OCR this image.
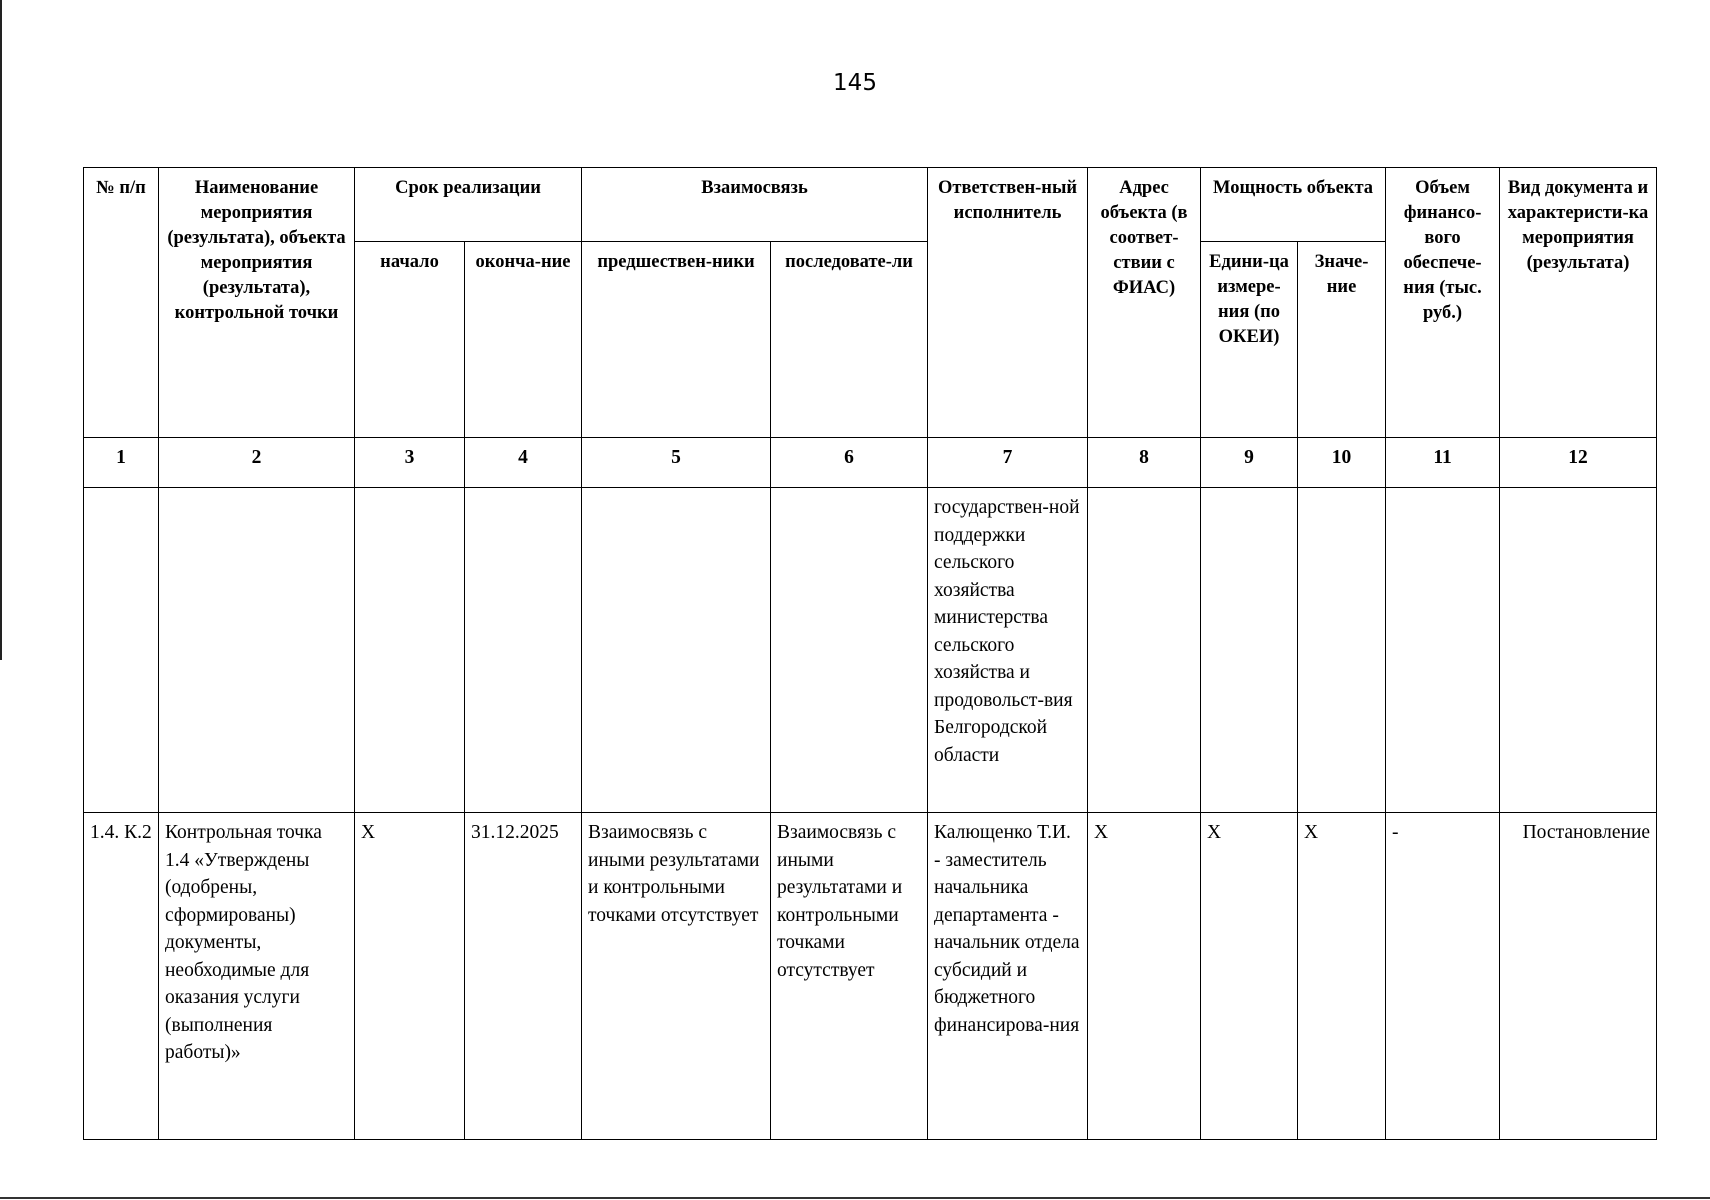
145
№ п/п	Наименование мероприятия (результата), объекта мероприятия (результата), контрольной точки	Срок реализации		Взаимосвязь		Ответствен-ный исполнитель	Адрес объекта (в соответ-ствии с ФИАС)	Мощность объекта		Объем финансо-вого обеспече-ния (тыс. руб.)	Вид документа и характеристи-ка мероприятия (результата)
		начало	оконча-ние	предшествен-ники	последовате-ли			Едини-ца измере-ния (по ОКЕИ)	Значе-ние		
1	2	3	4	5	6	7	8	9	10	11	12
						государствен-ной поддержки сельского хозяйства министерства сельского хозяйства и продовольст-вия Белгородской области					
1.4. К.2	Контрольная точка 1.4 «Утверждены (одобрены, сформированы) документы, необходимые для оказания услуги (выполнения работы)»	Х	31.12.2025	Взаимосвязь с иными результатами и контрольными точками отсутствует	Взаимосвязь с иными результатами и контрольными точками отсутствует	Калющенко Т.И. - заместитель начальника департамента - начальник отдела субсидий и бюджетного финансирова-ния	Х	Х	Х	-	Постановление
